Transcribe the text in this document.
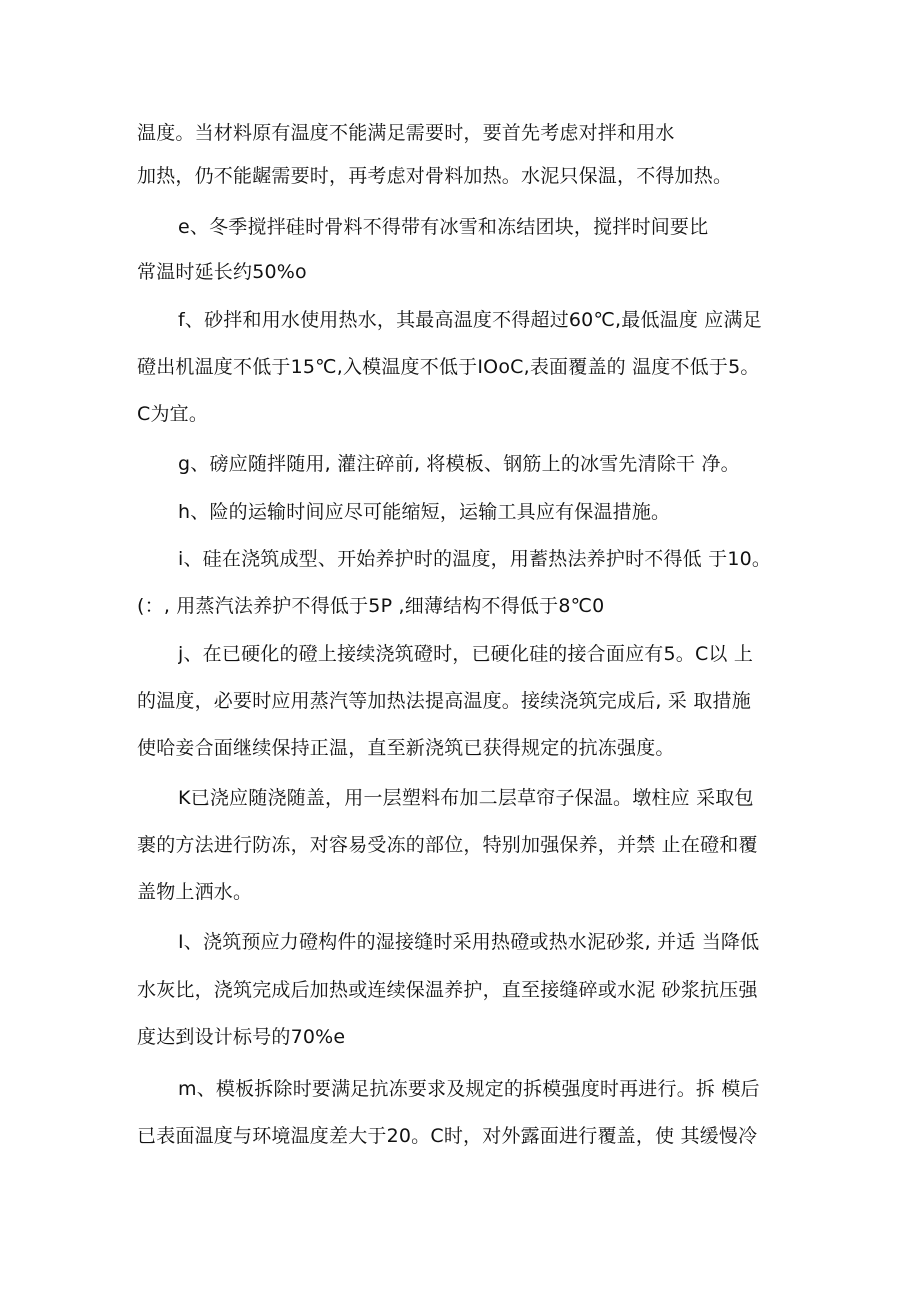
温度。当材料原有温度不能满足需要时，要首先考虑对拌和用水
加热，仍不能龌需要时，再考虑对骨料加热。水泥只保温，不得加热。
e、冬季搅拌硅时骨料不得带有冰雪和冻结团块，搅拌时间要比
常温时延长约50%o
f、砂拌和用水使用热水，其最高温度不得超过60℃,最低温度 应满足
磴出机温度不低于15℃,入模温度不低于IOoC,表面覆盖的 温度不低于5。
C为宜。
g、磅应随拌随用, 灌注碎前, 将模板、钢筋上的冰雪先清除干 净。
h、险的运输时间应尽可能缩短，运输工具应有保温措施。
i、硅在浇筑成型、开始养护时的温度，用蓄热法养护时不得低 于10。
(：, 用蒸汽法养护不得低于5P ,细薄结构不得低于8℃0
j、在已硬化的磴上接续浇筑磴时，已硬化硅的接合面应有5。C以 上
的温度，必要时应用蒸汽等加热法提高温度。接续浇筑完成后, 采 取措施
使哈妾合面继续保持正温，直至新浇筑已获得规定的抗冻强度。
K已浇应随浇随盖，用一层塑料布加二层草帘子保温。墩柱应 采取包
裹的方法进行防冻，对容易受冻的部位，特别加强保养，并禁 止在磴和覆
盖物上洒水。
I、浇筑预应力磴构件的湿接缝时采用热磴或热水泥砂浆, 并适 当降低
水灰比，浇筑完成后加热或连续保温养护，直至接缝碎或水泥 砂浆抗压强
度达到设计标号的70%e
m、模板拆除时要满足抗冻要求及规定的拆模强度时再进行。拆 模后
已表面温度与环境温度差大于20。C时，对外露面进行覆盖，使 其缓慢冷
